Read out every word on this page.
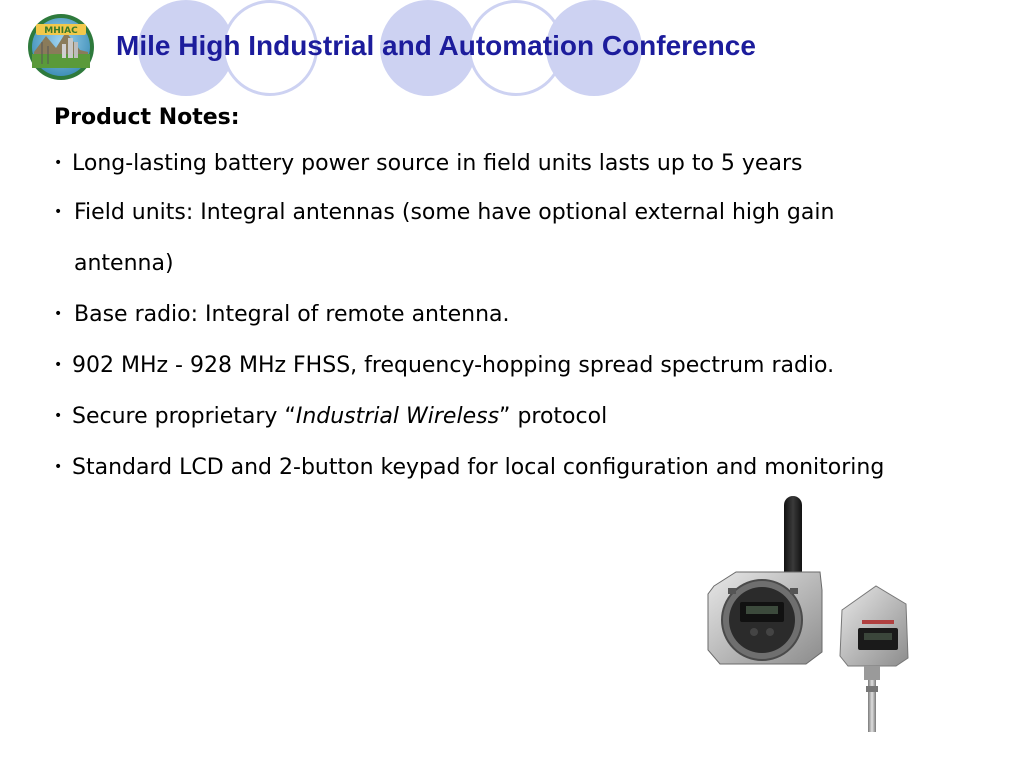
MHIAC Mile High Industrial and Automation Conference
Product Notes:
• Long-lasting battery power source in field units lasts up to 5 years
• Field units: Integral antennas (some have optional external high gain
antenna)
• Base radio: Integral of remote antenna.
• 902 MHz - 928 MHz FHSS, frequency-hopping spread spectrum radio.
• Secure proprietary “Industrial Wireless” protocol
• Standard LCD and 2-button keypad for local configuration and monitoring
